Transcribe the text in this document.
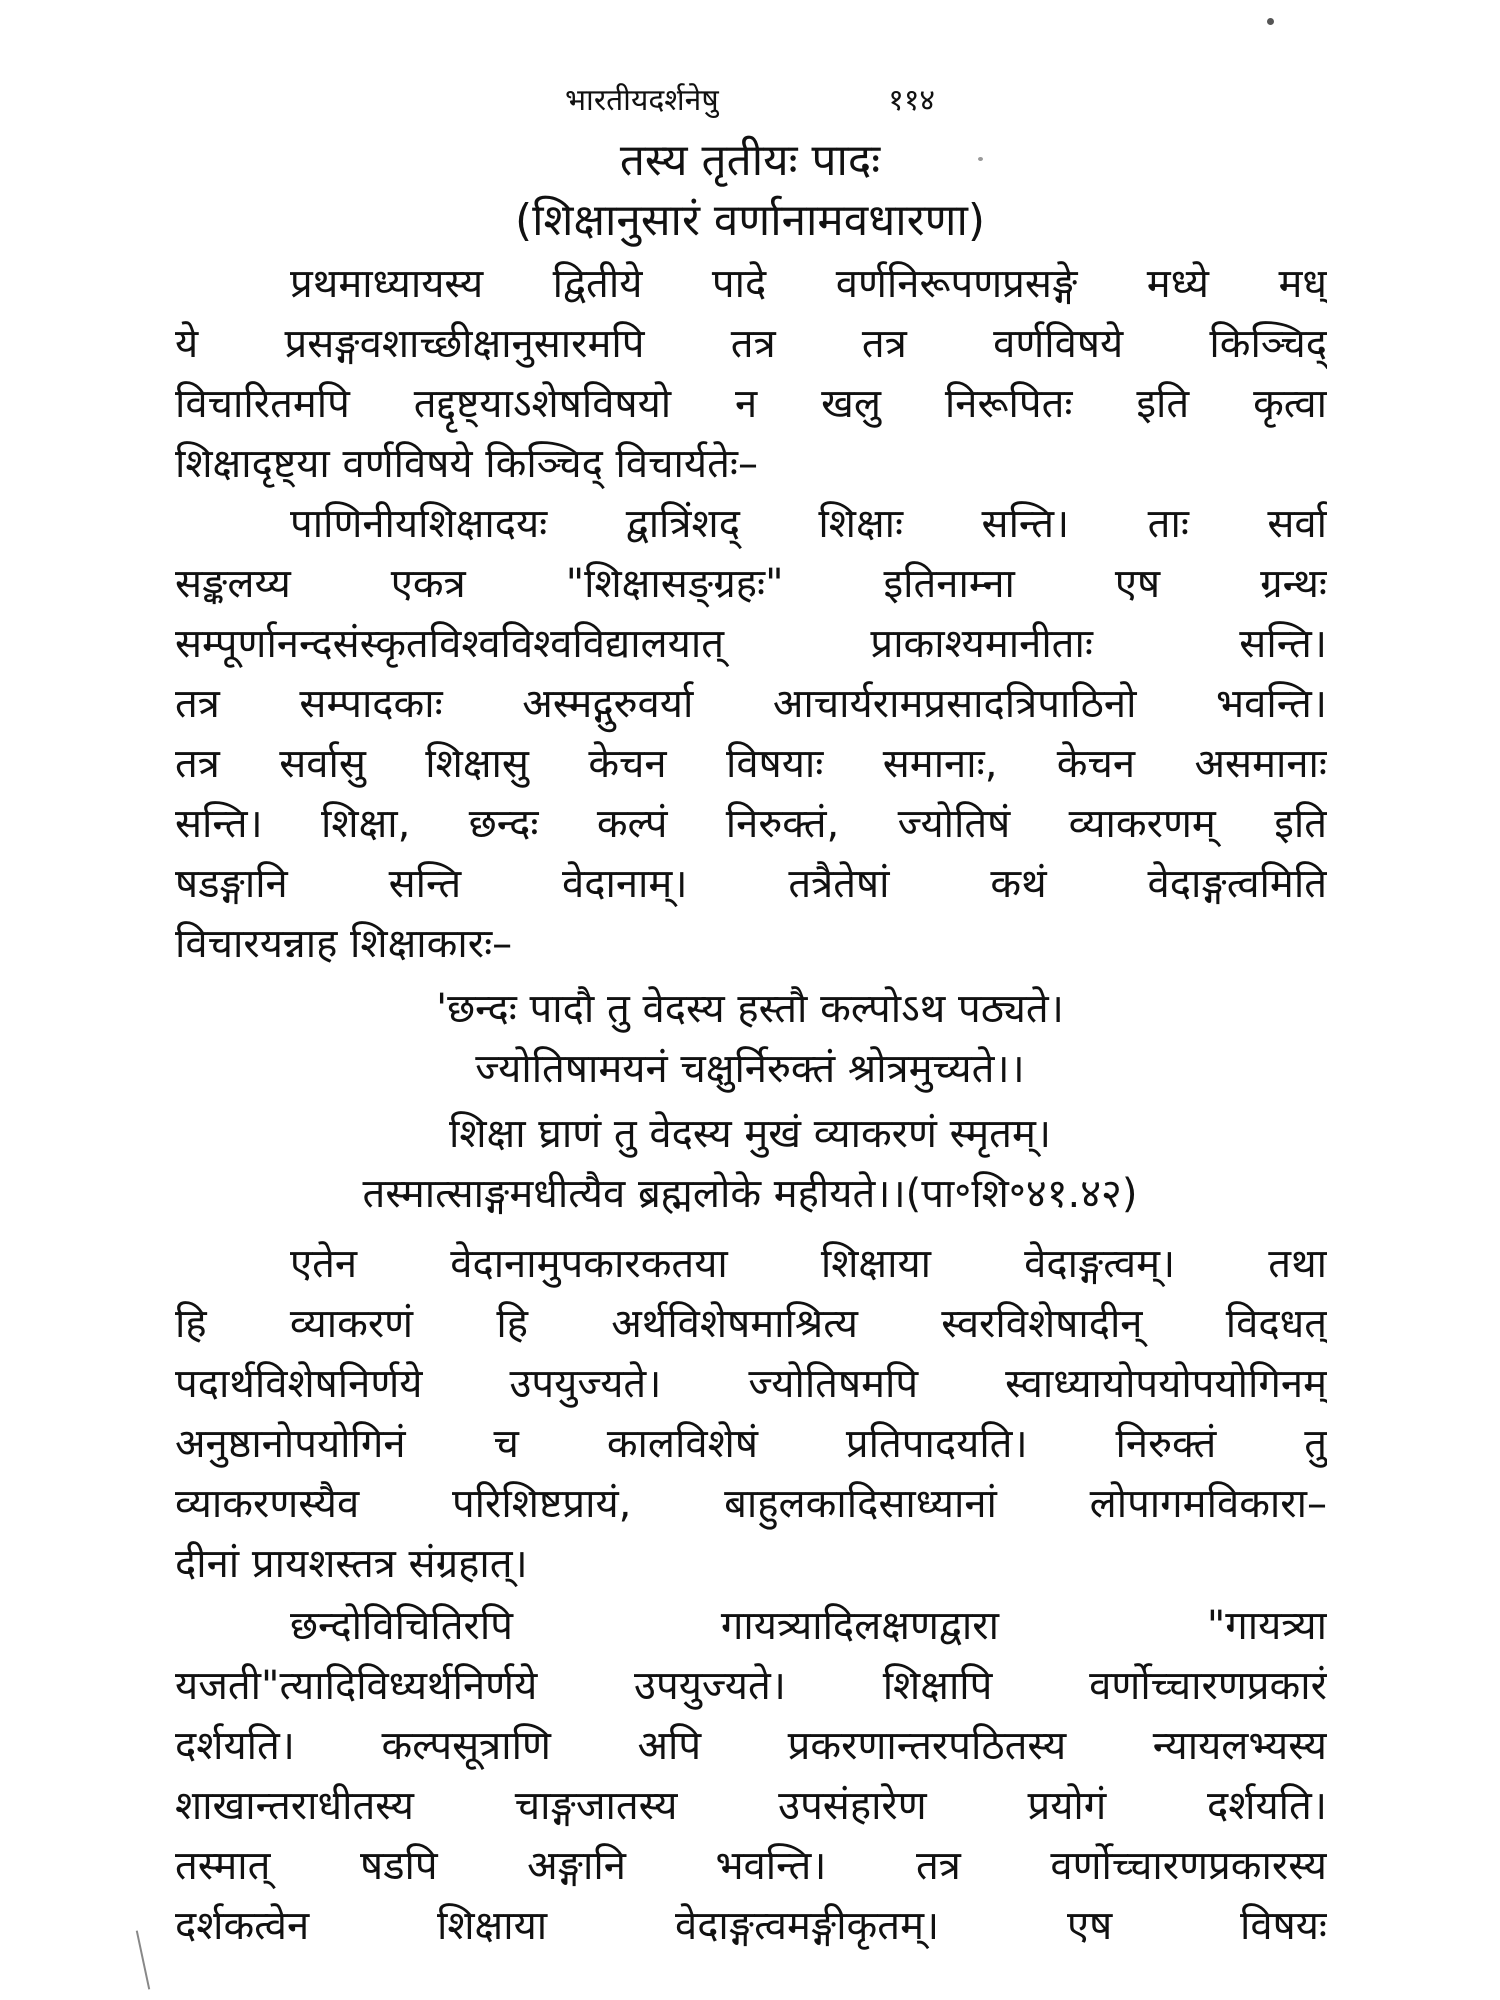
भारतीयदर्शनेषु	११४
तस्य तृतीयः पादः
(शिक्षानुसारं वर्णानामवधारणा)
प्रथमाध्यायस्य द्वितीये पादे वर्णनिरूपणप्रसङ्गे मध्ये मध्
ये प्रसङ्गवशाच्छीक्षानुसारमपि तत्र तत्र वर्णविषये किञ्चिद्
विचारितमपि तद्दृष्ट्याऽशेषविषयो न खलु निरूपितः इति कृत्वा
शिक्षादृष्ट्या वर्णविषये किञ्चिद् विचार्यतेः–
पाणिनीयशिक्षादयः द्वात्रिंशद् शिक्षाः सन्ति। ताः सर्वा
सङ्कलय्य एकत्र "शिक्षासङ्ग्रहः" इतिनाम्ना एष ग्रन्थः
सम्पूर्णानन्दसंस्कृतविश्वविश्वविद्यालयात् प्राकाश्यमानीताः सन्ति।
तत्र सम्पादकाः अस्मद्गुरुवर्या आचार्यरामप्रसादत्रिपाठिनो भवन्ति।
तत्र सर्वासु शिक्षासु केचन विषयाः समानाः, केचन असमानाः
सन्ति। शिक्षा, छन्दः कल्पं निरुक्तं, ज्योतिषं व्याकरणम् इति
षडङ्गानि सन्ति वेदानाम्। तत्रैतेषां कथं वेदाङ्गत्वमिति
विचारयन्नाह शिक्षाकारः–
'छन्दः पादौ तु वेदस्य हस्तौ कल्पोऽथ पठ्यते।
ज्योतिषामयनं चक्षुर्निरुक्तं श्रोत्रमुच्यते।।
शिक्षा घ्राणं तु वेदस्य मुखं व्याकरणं स्मृतम्।
तस्मात्साङ्गमधीत्यैव ब्रह्मलोके महीयते।।(पा॰शि॰४१.४२)
एतेन वेदानामुपकारकतया शिक्षाया वेदाङ्गत्वम्। तथा
हि व्याकरणं हि अर्थविशेषमाश्रित्य स्वरविशेषादीन् विदधत्
पदार्थविशेषनिर्णये उपयुज्यते। ज्योतिषमपि स्वाध्यायोपयोपयोगिनम्
अनुष्ठानोपयोगिनं च कालविशेषं प्रतिपादयति। निरुक्तं तु
व्याकरणस्यैव परिशिष्टप्रायं, बाहुलकादिसाध्यानां लोपागमविकारा–
दीनां प्रायशस्तत्र संग्रहात्।
छन्दोविचितिरपि गायत्र्यादिलक्षणद्वारा "गायत्र्या
यजती"त्यादिविध्यर्थनिर्णये उपयुज्यते। शिक्षापि वर्णोच्चारणप्रकारं
दर्शयति। कल्पसूत्राणि अपि प्रकरणान्तरपठितस्य न्यायलभ्यस्य
शाखान्तराधीतस्य चाङ्गजातस्य उपसंहारेण प्रयोगं दर्शयति।
तस्मात् षडपि अङ्गानि भवन्ति। तत्र वर्णोच्चारणप्रकारस्य
दर्शकत्वेन शिक्षाया वेदाङ्गत्वमङ्गीकृतम्। एष विषयः
